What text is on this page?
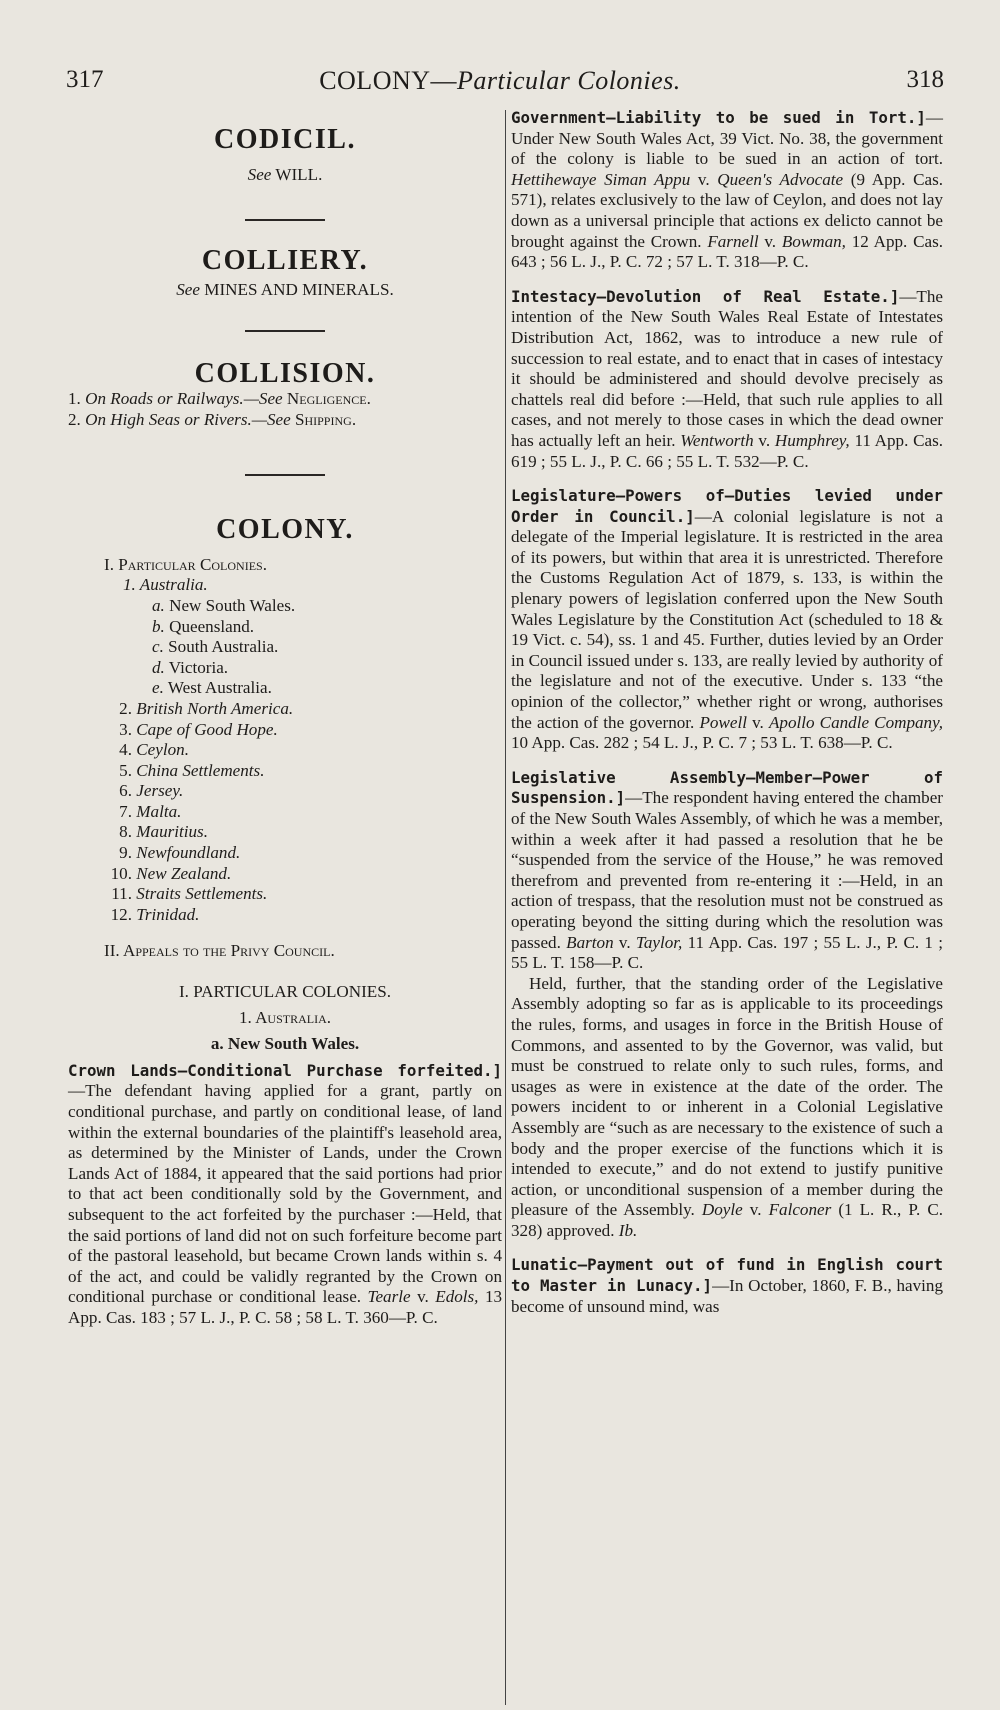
317	COLONY—Particular Colonies.	318
CODICIL.

See WILL.

COLLIERY.

See MINES AND MINERALS.

COLLISION.
1. On Roads or Railways.—See Negligence.
2. On High Seas or Rivers.—See Shipping.
COLONY.
I. Particular Colonies.
1. Australia.
a. New South Wales.
b. Queensland.
c. South Australia.
d. Victoria.
e. West Australia.
2. British North America.
3. Cape of Good Hope.
4. Ceylon.
5. China Settlements.
6. Jersey.
7. Malta.
8. Mauritius.
9. Newfoundland.
10. New Zealand.
11. Straits Settlements.
12. Trinidad.
II. Appeals to the Privy Council.

I. PARTICULAR COLONIES.

1. Australia.

a. New South Wales.

Crown Lands—Conditional Purchase forfeited.]—The defendant having applied for a grant, partly on conditional purchase, and partly on conditional lease, of land within the external boundaries of the plaintiff's leasehold area, as determined by the Minister of Lands, under the Crown Lands Act of 1884, it appeared that the said portions had prior to that act been conditionally sold by the Government, and subsequent to the act forfeited by the purchaser :—Held, that the said portions of land did not on such forfeiture become part of the pastoral leasehold, but became Crown lands within s. 4 of the act, and could be validly regranted by the Crown on conditional purchase or conditional lease. Tearle v. Edols, 13 App. Cas. 183 ; 57 L. J., P. C. 58 ; 58 L. T. 360—P. C.

Government—Liability to be sued in Tort.]—Under New South Wales Act, 39 Vict. No. 38, the government of the colony is liable to be sued in an action of tort. Hettihewaye Siman Appu v. Queen's Advocate (9 App. Cas. 571), relates exclusively to the law of Ceylon, and does not lay down as a universal principle that actions ex delicto cannot be brought against the Crown. Farnell v. Bowman, 12 App. Cas. 643 ; 56 L. J., P. C. 72 ; 57 L. T. 318—P. C.

Intestacy—Devolution of Real Estate.]—The intention of the New South Wales Real Estate of Intestates Distribution Act, 1862, was to introduce a new rule of succession to real estate, and to enact that in cases of intestacy it should be administered and should devolve precisely as chattels real did before :—Held, that such rule applies to all cases, and not merely to those cases in which the dead owner has actually left an heir. Wentworth v. Humphrey, 11 App. Cas. 619 ; 55 L. J., P. C. 66 ; 55 L. T. 532—P. C.

Legislature—Powers of—Duties levied under Order in Council.]—A colonial legislature is not a delegate of the Imperial legislature. It is restricted in the area of its powers, but within that area it is unrestricted. Therefore the Customs Regulation Act of 1879, s. 133, is within the plenary powers of legislation conferred upon the New South Wales Legislature by the Constitution Act (scheduled to 18 & 19 Vict. c. 54), ss. 1 and 45. Further, duties levied by an Order in Council issued under s. 133, are really levied by authority of the legislature and not of the executive. Under s. 133 “the opinion of the collector,” whether right or wrong, authorises the action of the governor. Powell v. Apollo Candle Company, 10 App. Cas. 282 ; 54 L. J., P. C. 7 ; 53 L. T. 638—P. C.

Legislative Assembly—Member—Power of Suspension.]—The respondent having entered the chamber of the New South Wales Assembly, of which he was a member, within a week after it had passed a resolution that he be “suspended from the service of the House,” he was removed therefrom and prevented from re-entering it :—Held, in an action of trespass, that the resolution must not be construed as operating beyond the sitting during which the resolution was passed. Barton v. Taylor, 11 App. Cas. 197 ; 55 L. J., P. C. 1 ; 55 L. T. 158—P. C.

Held, further, that the standing order of the Legislative Assembly adopting so far as is applicable to its proceedings the rules, forms, and usages in force in the British House of Commons, and assented to by the Governor, was valid, but must be construed to relate only to such rules, forms, and usages as were in existence at the date of the order. The powers incident to or inherent in a Colonial Legislative Assembly are “such as are necessary to the existence of such a body and the proper exercise of the functions which it is intended to execute,” and do not extend to justify punitive action, or unconditional suspension of a member during the pleasure of the Assembly. Doyle v. Falconer (1 L. R., P. C. 328) approved. Ib.

Lunatic—Payment out of fund in English court to Master in Lunacy.]—In October, 1860, F. B., having become of unsound mind, was
